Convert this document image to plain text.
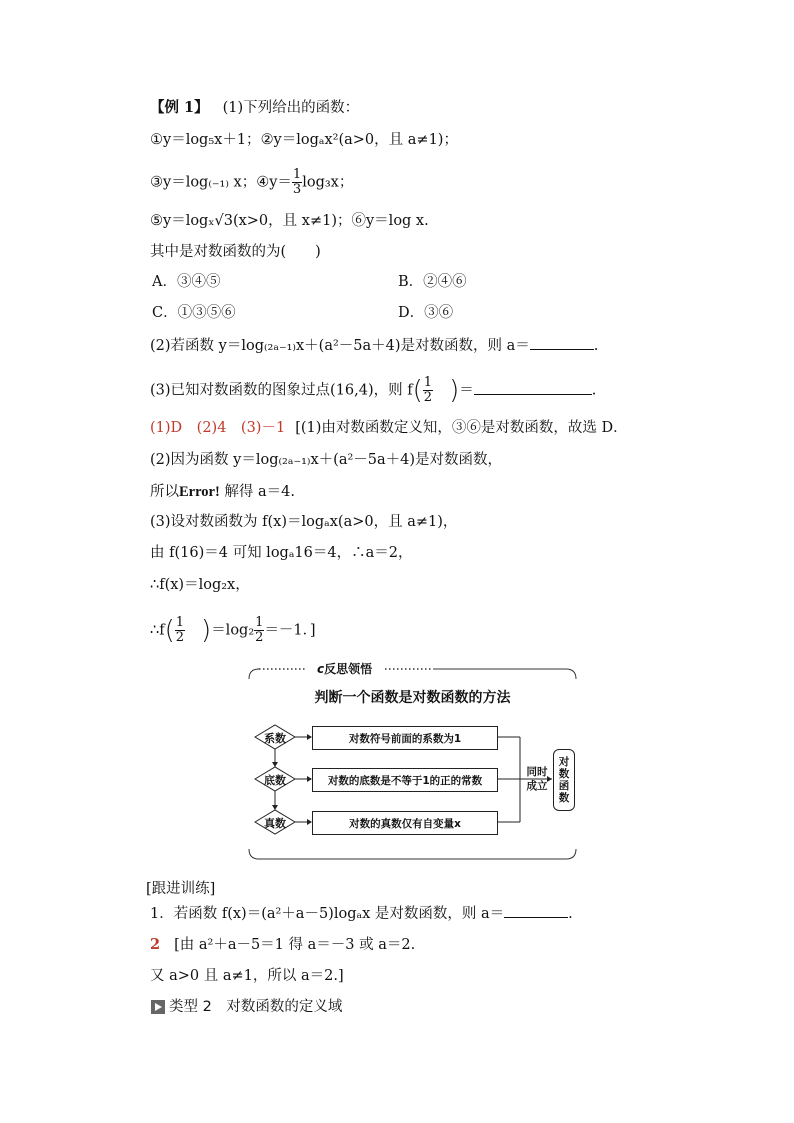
【例 1】 (1)下列给出的函数：
①y＝log₅x＋1；②y＝logₐx²(a>0，且 a≠1)；
③y＝log₍₋₁₎ x；④y＝ $\frac{1}{3} \log_3x$；
⑤y＝logₓ√3(x>0，且 x≠1)；⑥y＝log x.
其中是对数函数的为(　　)
A．③④⑤	B．②④⑥
C．①③⑤⑥	D．③⑥
(2)若函数 y＝log₍₂ₐ₋₁₎x＋(a²－5a＋4)是对数函数，则 a＝	.
(3)已知对数函数的图象过点(16,4)，则 $f( \frac{1}{2}$ )＝	.
(1)D　(2)4　(3)－1 [(1)由对数函数定义知，③⑥是对数函数，故选 D．
(2)因为函数 y＝log₍₂ₐ₋₁₎x＋(a²－5a＋4)是对数函数，
所以Error! 解得 a＝4.
(3)设对数函数为 f(x)＝logₐx(a>0，且 a≠1)，
由 f(16)＝4 可知 logₐ16＝4，∴a＝2，
∴f(x)＝log₂x，
∴f( $\frac{1}{2} )=\log_2 \frac{1}{2} =-1$．]
c反思领悟
判断一个函数是对数函数的方法
系数
底数
真数
对数符号前面的系数为1
对数的底数是不等于1的正的常数
对数的真数仅有自变量x
同时
成立
对
数
函
数
[跟进训练]
1．若函数 f(x)＝(a²＋a－5)logₐx 是对数函数，则 a＝	.
2 [由 a²＋a－5＝1 得 a＝－3 或 a＝2.
又 a>0 且 a≠1，所以 a＝2.]
类型 2　对数函数的定义域
